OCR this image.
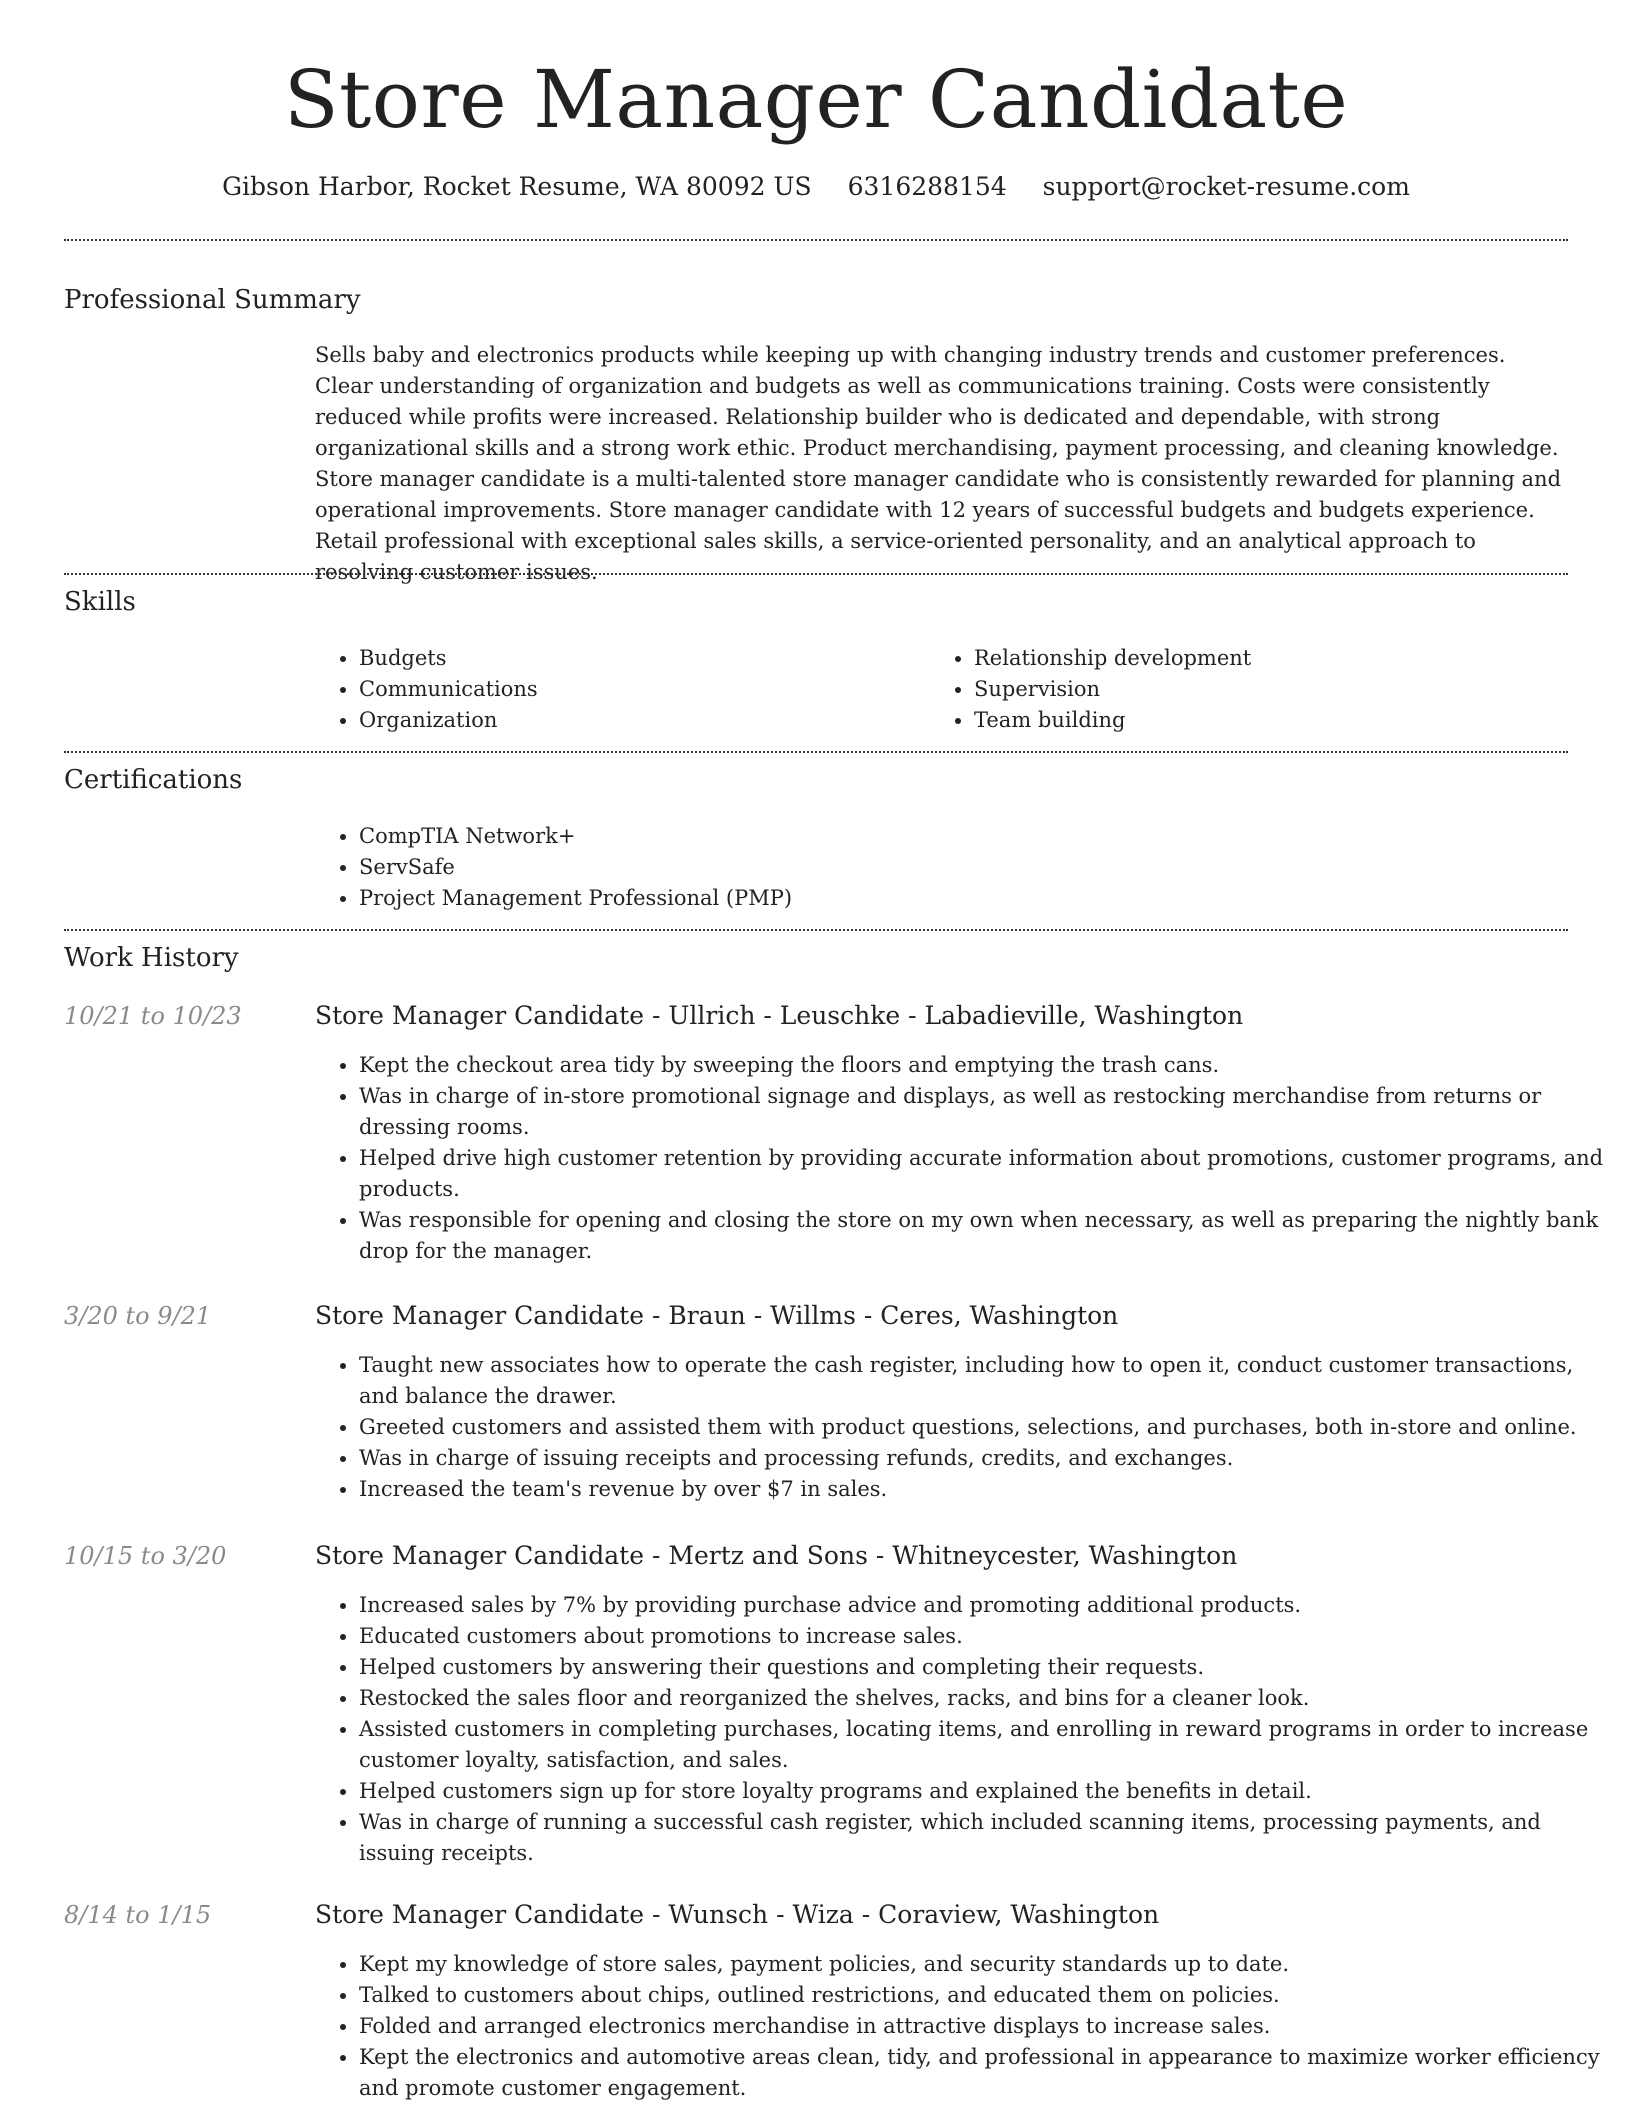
Store Manager Candidate
Gibson Harbor, Rocket Resume, WA 80092 US 6316288154 support@rocket-resume.com
Professional Summary

Sells baby and electronics products while keeping up with changing industry trends and customer preferences. Clear understanding of organization and budgets as well as communications training. Costs were consistently reduced while profits were increased. Relationship builder who is dedicated and dependable, with strong organizational skills and a strong work ethic. Product merchandising, payment processing, and cleaning knowledge. Store manager candidate is a multi-talented store manager candidate who is consistently rewarded for planning and operational improvements. Store manager candidate with 12 years of successful budgets and budgets experience. Retail professional with exceptional sales skills, a service-oriented personality, and an analytical approach to resolving customer issues.

Skills
• Budgets
• Communications
• Organization
• Relationship development
• Supervision
• Team building
Certifications
• CompTIA Network+
• ServSafe
• Project Management Professional (PMP)
Work History
10/21 to 10/23	Store Manager Candidate - Ullrich - Leuschke - Labadieville, Washington
• Kept the checkout area tidy by sweeping the floors and emptying the trash cans.
• Was in charge of in-store promotional signage and displays, as well as restocking merchandise from returns or dressing rooms.
• Helped drive high customer retention by providing accurate information about promotions, customer programs, and products.
• Was responsible for opening and closing the store on my own when necessary, as well as preparing the nightly bank drop for the manager.
3/20 to 9/21	Store Manager Candidate - Braun - Willms - Ceres, Washington
• Taught new associates how to operate the cash register, including how to open it, conduct customer transactions, and balance the drawer.
• Greeted customers and assisted them with product questions, selections, and purchases, both in-store and online.
• Was in charge of issuing receipts and processing refunds, credits, and exchanges.
• Increased the team's revenue by over $7 in sales.
10/15 to 3/20	Store Manager Candidate - Mertz and Sons - Whitneycester, Washington
• Increased sales by 7% by providing purchase advice and promoting additional products.
• Educated customers about promotions to increase sales.
• Helped customers by answering their questions and completing their requests.
• Restocked the sales floor and reorganized the shelves, racks, and bins for a cleaner look.
• Assisted customers in completing purchases, locating items, and enrolling in reward programs in order to increase customer loyalty, satisfaction, and sales.
• Helped customers sign up for store loyalty programs and explained the benefits in detail.
• Was in charge of running a successful cash register, which included scanning items, processing payments, and issuing receipts.
8/14 to 1/15	Store Manager Candidate - Wunsch - Wiza - Coraview, Washington
• Kept my knowledge of store sales, payment policies, and security standards up to date.
• Talked to customers about chips, outlined restrictions, and educated them on policies.
• Folded and arranged electronics merchandise in attractive displays to increase sales.
• Kept the electronics and automotive areas clean, tidy, and professional in appearance to maximize worker efficiency and promote customer engagement.
